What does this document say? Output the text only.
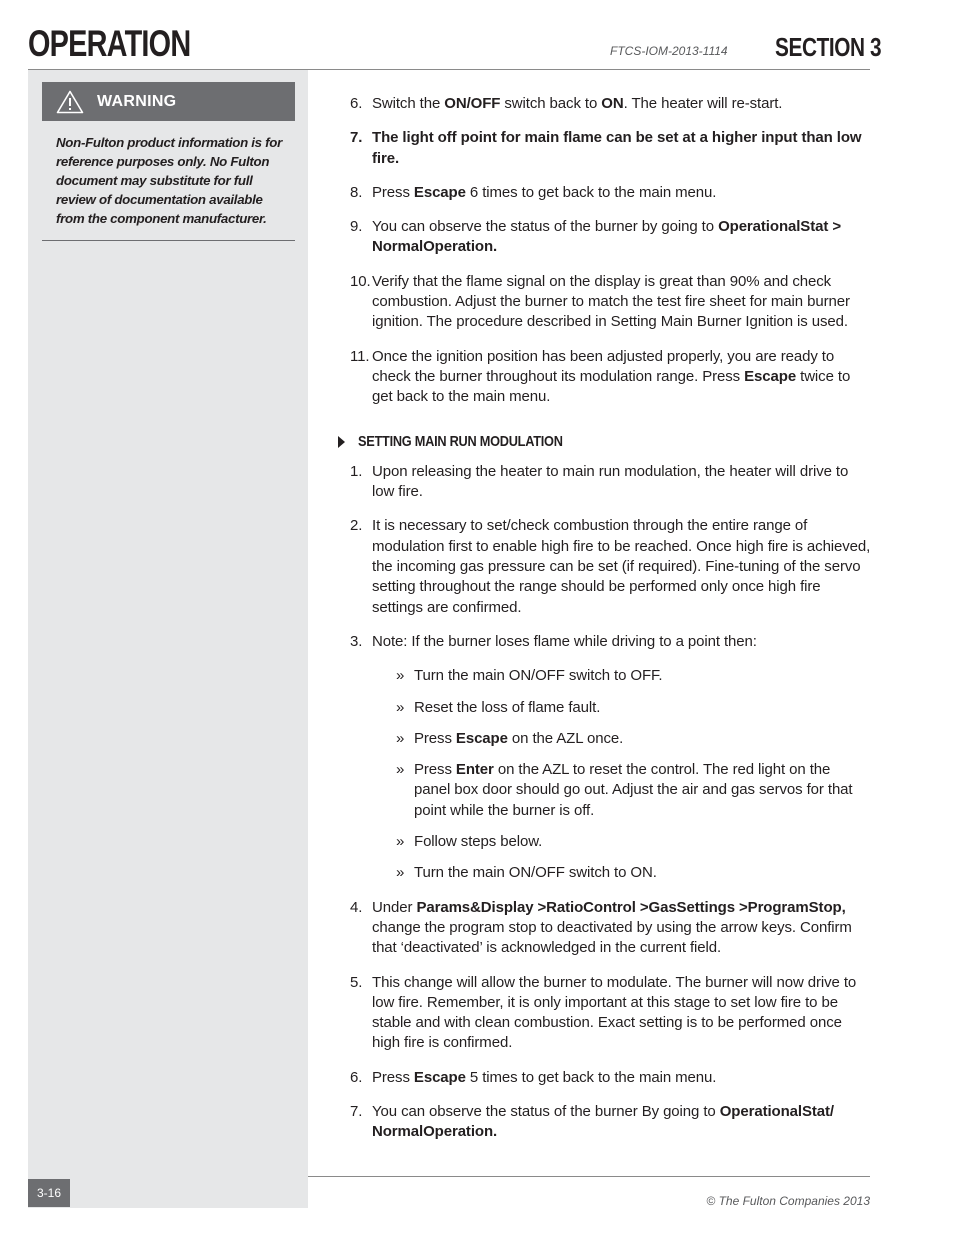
OPERATION	FTCS-IOM-2013-1114 SECTION 3
WARNING
Non-Fulton product information is for reference purposes only. No Fulton document may substitute for full review of documentation available from the component manufacturer.
6. Switch the ON/OFF switch back to ON. The heater will re-start.
7. The light off point for main flame can be set at a higher input than low fire.
8. Press Escape 6 times to get back to the main menu.
9. You can observe the status of the burner by going to OperationalStat > NormalOperation.
10. Verify that the flame signal on the display is great than 90% and check combustion. Adjust the burner to match the test fire sheet for main burner ignition. The procedure described in Setting Main Burner Ignition is used.
11. Once the ignition position has been adjusted properly, you are ready to check the burner throughout its modulation range. Press Escape twice to get back to the main menu.
SETTING MAIN RUN MODULATION
1. Upon releasing the heater to main run modulation, the heater will drive to low fire.
2. It is necessary to set/check combustion through the entire range of modulation first to enable high fire to be reached. Once high fire is achieved, the incoming gas pressure can be set (if required). Fine-tuning of the servo setting throughout the range should be performed only once high fire settings are confirmed.
3. Note: If the burner loses flame while driving to a point then:
» Turn the main ON/OFF switch to OFF.
» Reset the loss of flame fault.
» Press Escape on the AZL once.
» Press Enter on the AZL to reset the control. The red light on the panel box door should go out. Adjust the air and gas servos for that point while the burner is off.
» Follow steps below.
» Turn the main ON/OFF switch to ON.
4. Under Params&Display >RatioControl >GasSettings >ProgramStop, change the program stop to deactivated by using the arrow keys. Confirm that ‘deactivated’ is acknowledged in the current field.
5. This change will allow the burner to modulate. The burner will now drive to low fire. Remember, it is only important at this stage to set low fire to be stable and with clean combustion. Exact setting is to be performed once high fire is confirmed.
6. Press Escape 5 times to get back to the main menu.
7. You can observe the status of the burner By going to OperationalStat/ NormalOperation.
3-16
© The Fulton Companies 2013
